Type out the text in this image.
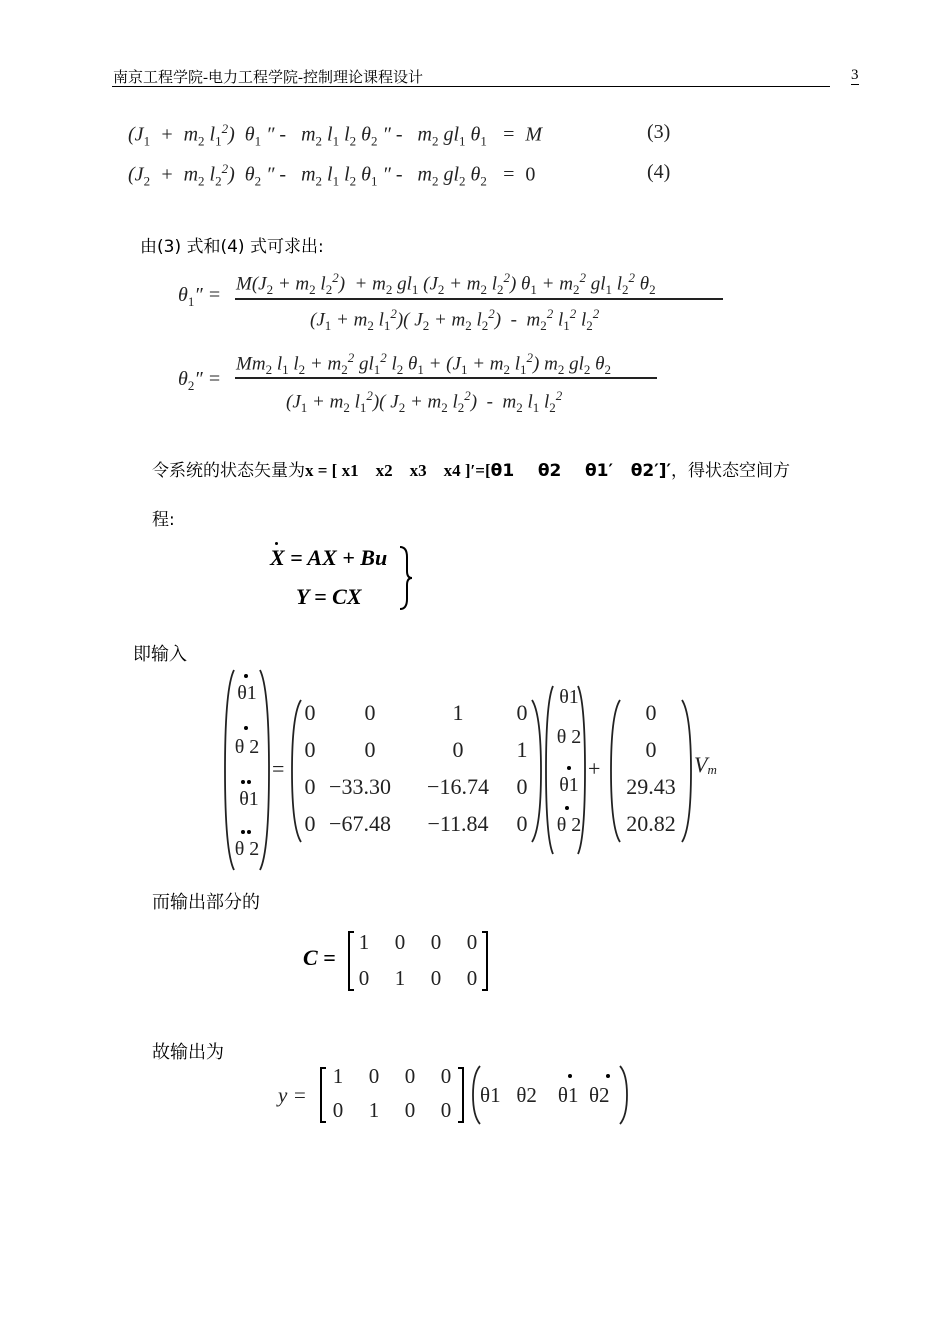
南京工程学院-电力工程学院-控制理论课程设计	3
($J_1 + m_2$ $l_1^2$)  $\theta_1$ ″ -   $m_2$ $l_1$ $l_2$ $\theta_2$ ″ -   $m_2$ $gl_1$ $\theta_1 = M$	(3)
($J_2 + m_2$ $l_2^2$)  $\theta_2$ ″ -   $m_2$ $l_1$ $l_2$ $\theta_1$ ″ -   $m_2$ $gl_2$ $\theta_2 = 0$	(4)
由(3) 式和(4) 式可求出:
$\theta_1''$ =
$M(J_2 + m_2$ $l_2^2) + m_2$ $gl_1$ ($J_2 + m_2$ $l_2^2$) $\theta_1 + m_2^2$ $gl_1$ $l_2^2$ $\theta_2$
($J_1 + m_2$ $l_1^2$)( $J_2 + m_2$ $l_2^2) - m_2^2$ $l_1^2$ $l_2^2$
$\theta_2''$ =
$Mm_2$ $l_1$ $l_2 + m_2^2$ $gl_1^2$ $l_2$ $\theta_1 + (J_1 + m_2$ $l_1^2$) $m_2$ $gl_2$ $\theta_2$
($J_1 + m_2$ $l_1^2$)( $J_2 + m_2$ $l_2^2) - m_2$ $l_1$ $l_2^2$
令系统的状态矢量为x = [ x1    x2    x3    x4 ]′=[θ1    θ2    θ1′   θ2′]′，得状态空间方
程:
X = AX + Bu
Y = CX
即输入
θ1
θ 2
θ1
θ 2
=
0	0	1	0
0	0	0	1
0 −33.30	−16.74	0
0 −67.48	−11.84	0
θ1
θ 2
θ1
θ 2
+
0
0
29.43
20.82
Vm
而输出部分的
C =
1	0	0	0
0	1	0	0
故输出为
y =
1	0	0	0
0	1	0	0
θ1 θ2 θ1 θ2
